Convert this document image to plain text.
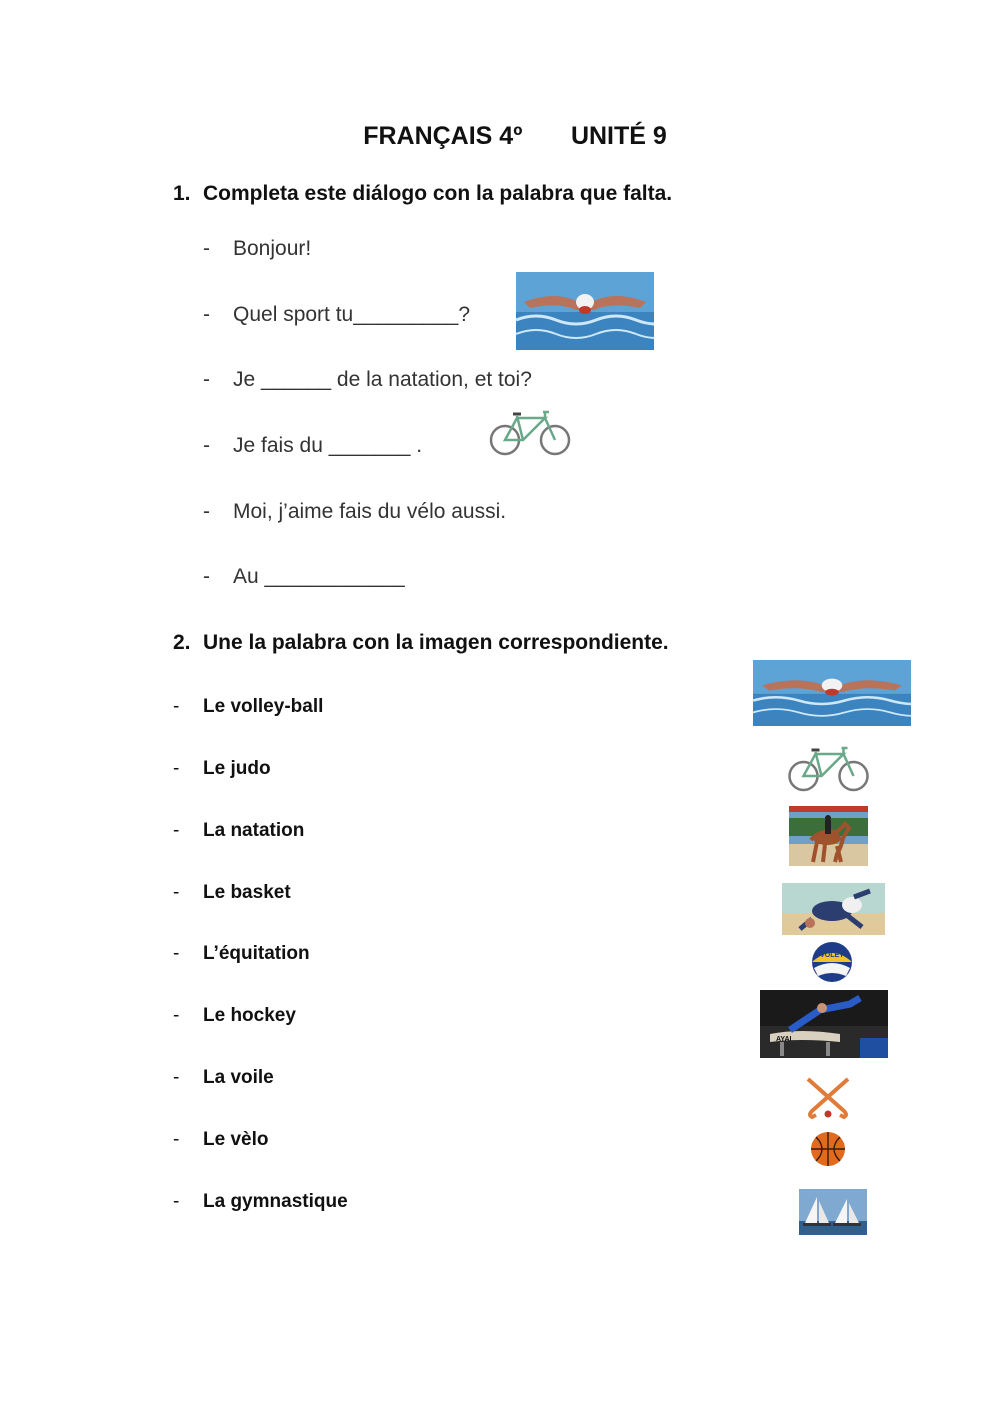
FRANÇAIS 4º       UNITÉ 9
1. Completa este diálogo con la palabra que falta.
- Bonjour!
- Quel sport tu_________?
- Je ______ de la natation, et toi?
- Je fais du _______ .
- Moi, j’aime fais du vélo aussi.
- Au ____________
2. Une la palabra con la imagen correspondiente.
- Le volley-ball
- Le judo
- La natation
- Le basket
- L’équitation
- Le hockey
- La voile
- Le vèlo
- La gymnastique
VOLEY
AYAI
